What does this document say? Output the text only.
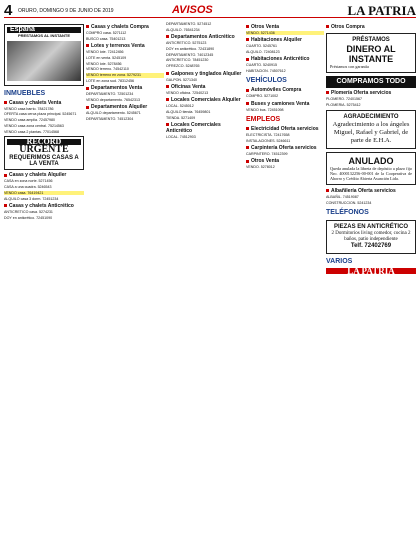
4 ORURO, DOMINGO 9 DE JUNIO DE 2019	AVISOS	LA PATRIA
España
PRESTAMOS AL INSTANTE
INMUEBLES
Casas y chalets Venta
VENDO casa barrio. 78421786
OFERTA casa cerca plaza principal. 5245671
VENDO casa amplia. 72457980
VENDO casa zona central. 75214563
VENDO casa 2 plantas. 77014568
RECORD
URGENTE
REQUERIMOS CASAS A LA VENTA
Casas y chalets Alquiler
CASA en zona norte. 5271456
CASA a una cuadra. 5246543
VENDO casa. 76419421
ALQUILO casa 3 dorm. 72451234
Casas y chalets Anticrético
ANTICRETICO casa. 5274231
DOY en anticrético. 72451090
Casas y chalets Compra
COMPRO casa. 5271112
BUSCO casa. 75401213
Lotes y terrenos Venta
VENDO lote. 72412456
LOTE en venta. 5245109
VENDO lote. 5278456
VENDO terreno. 74542110
VENDO terreno en zona. 5279231
LOTE en zona sud. 78312456
Departamentos Venta
DEPARTAMENTO. 72501234
VENDO departamento. 76542313
Departamentos Alquiler
ALQUILO departamento. 5245671
DEPARTAMENTO. 74512304
DEPARTAMENTO. 5274512
ALQUILO. 76541234
Departamentos Anticrético
ANTICRETICO. 5275123
DOY en anticrético. 72431890
DEPARTAMENTO. 74012345
ANTICRETICO. 78451230
OFREZCO. 5248765
Galpones y tinglados Alquiler
GALPON. 5271340
Oficinas Venta
VENDO oficina. 72540213
Locales Comerciales Alquiler
LOCAL. 5245012
ALQUILO tienda. 76459801
TIENDA. 5271409
Locales Comerciales Anticrético
LOCAL. 74512903
Otros Venta
VENDO. 5271436
Habitaciones Alquiler
CUARTO. 5245761
ALQUILO. 72408123
Habitaciones Anticrético
CUARTO. 5240915
HABITACION. 74507612
VEHÍCULOS
Automóviles Compra
COMPRO. 5271002
Buses y camiones Venta
VENDO bus. 72451098
EMPLEOS
Electricidad Oferta servicios
ELECTRICISTA. 72417658
INSTALACIONES. 5246611
Carpintería Oferta servicios
CARPINTERO. 74512399
Otros Venta
VENDO. 5278012
Otros Compra
PRÉSTAMOS
DINERO AL INSTANTE
Préstamos con garantía
COMPRAMOS TODO
Plomería Oferta servicios
PLOMERO. 72401567
PLOMERIA. 5275412
AGRADECIMIENTO
Agradecimiento a los ángeles Miguel, Rafael y Gabriel, de parte de E.H.A.
ANULADO
Queda anulada la libreta de depósito a plazo fijo Nro. 4000132256-00-001 de la Cooperativa de Ahorro y Crédito Abierta Asunción Ltda.
Albañilería Oferta servicios
ALBAÑIL. 74519087
CONSTRUCCION. 5241234
TELÉFONOS
PIEZAS EN ANTICRÉTICO
2 Dormitorios living comedor, cocina 2 baños, patio independiente
Telf. 72402769
VARIOS
LA PATRIA
